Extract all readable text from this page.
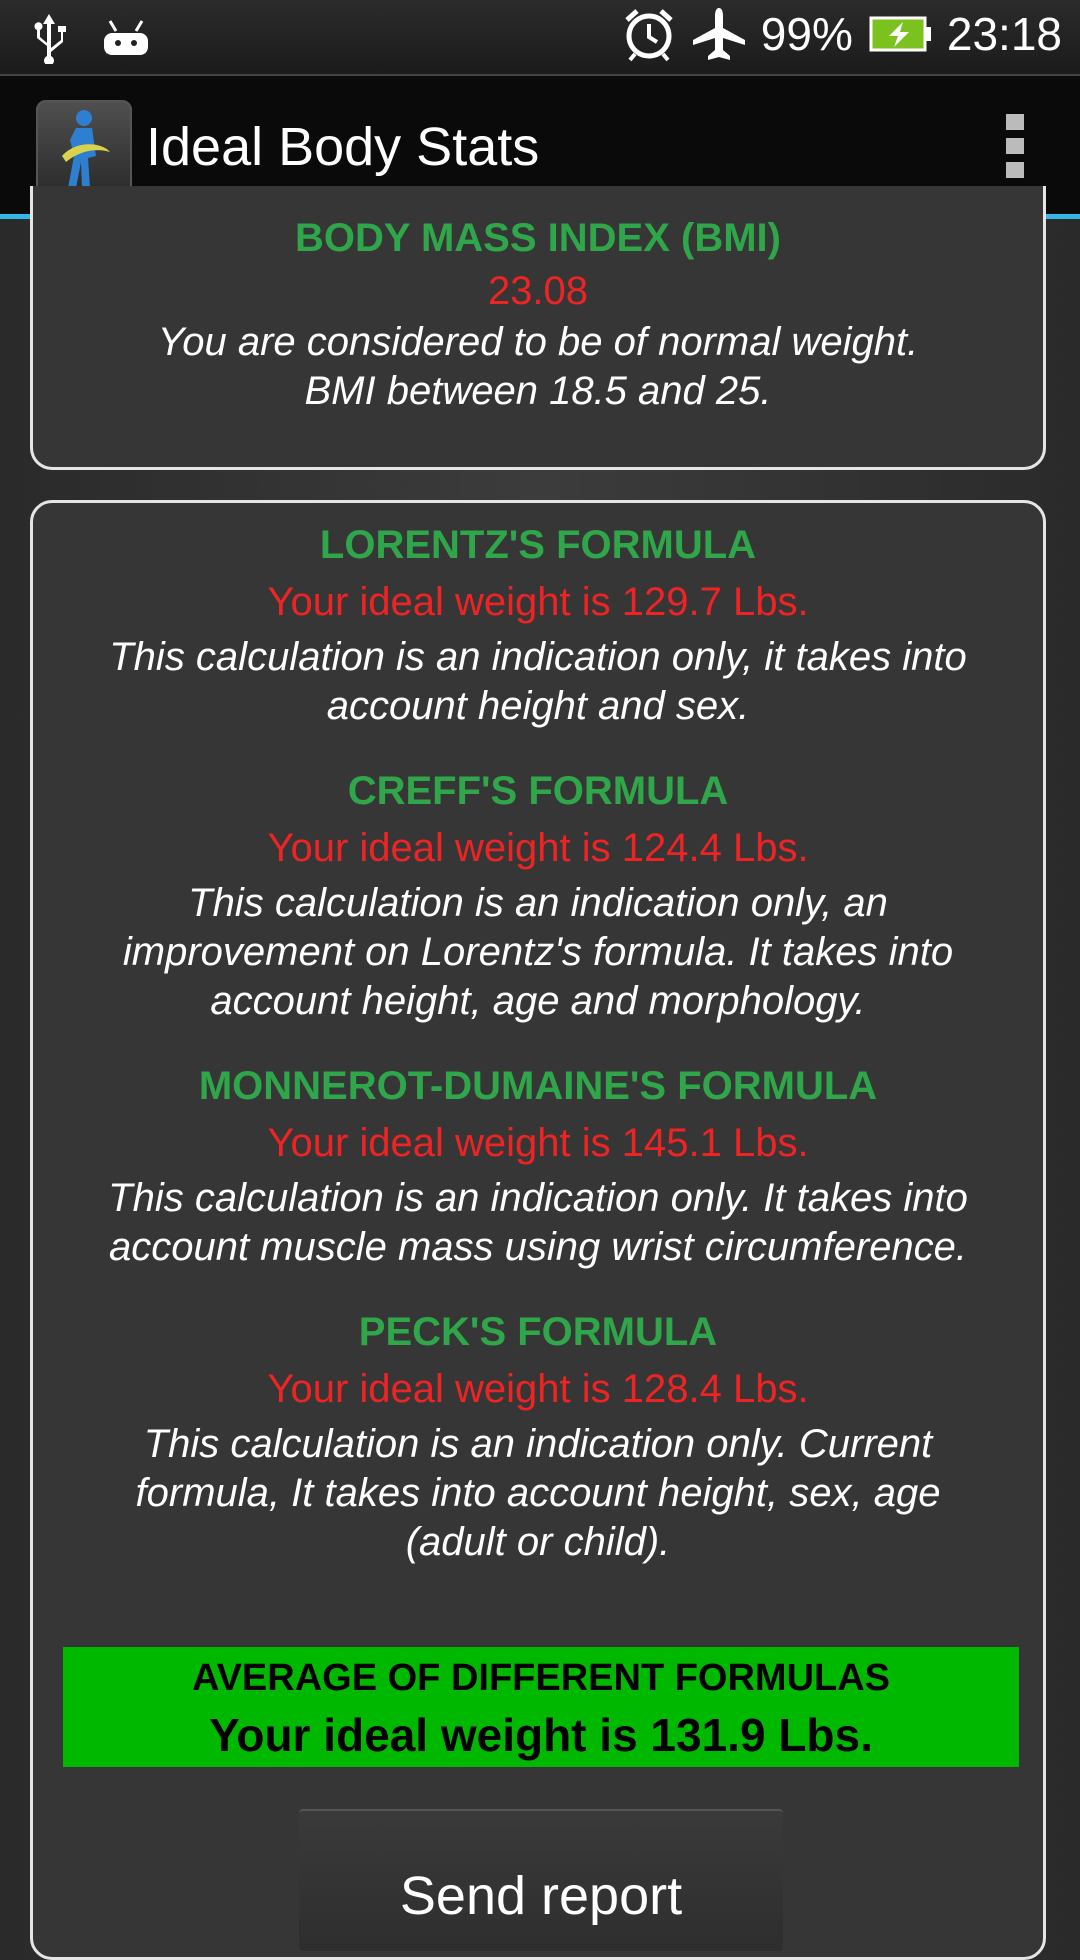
99% 23:18
Ideal Body Stats
BODY MASS INDEX (BMI)
23.08
You are considered to be of normal weight.
BMI between 18.5 and 25.
LORENTZ'S FORMULA
Your ideal weight is 129.7 Lbs.
This calculation is an indication only, it takes into
account height and sex.
CREFF'S FORMULA
Your ideal weight is 124.4 Lbs.
This calculation is an indication only, an
improvement on Lorentz's formula. It takes into
account height, age and morphology.
MONNEROT-DUMAINE'S FORMULA
Your ideal weight is 145.1 Lbs.
This calculation is an indication only. It takes into
account muscle mass using wrist circumference.
PECK'S FORMULA
Your ideal weight is 128.4 Lbs.
This calculation is an indication only. Current
formula, It takes into account height, sex, age
(adult or child).
AVERAGE OF DIFFERENT FORMULAS
Your ideal weight is 131.9 Lbs.
Send report
